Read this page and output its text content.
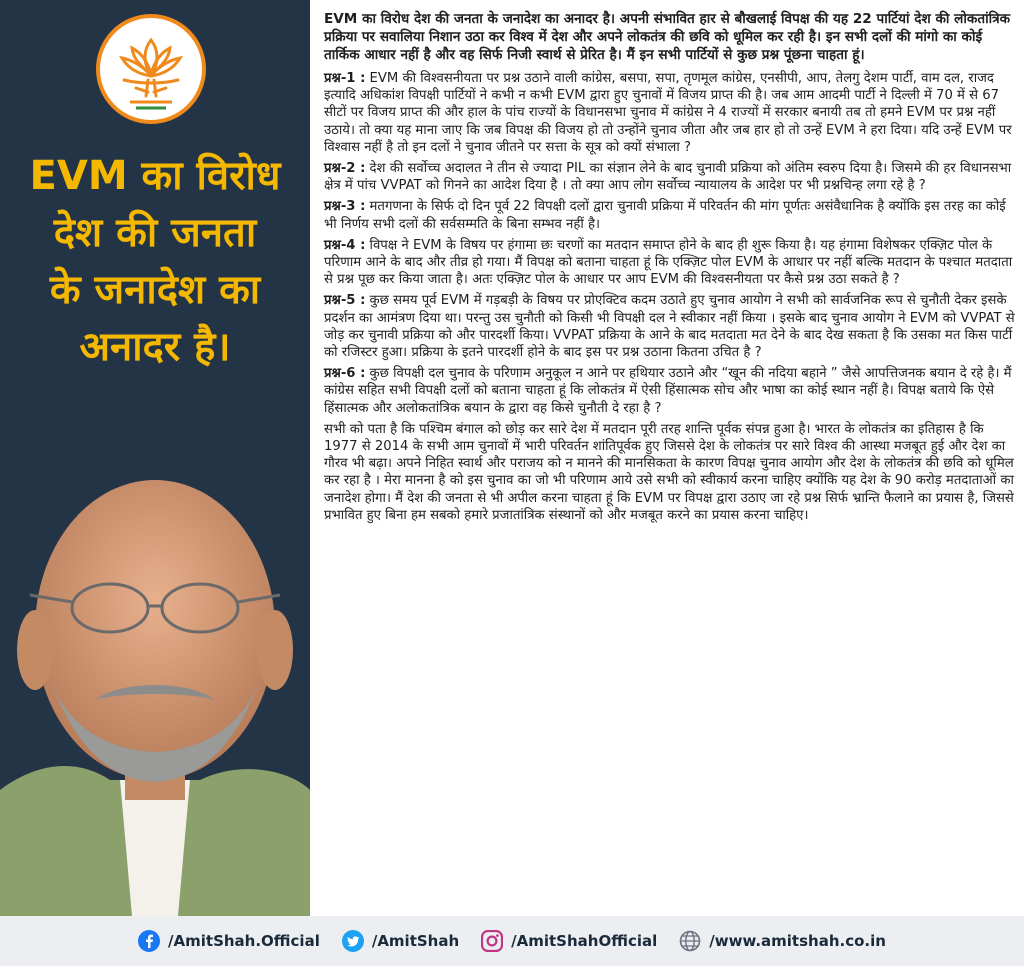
EVM का विरोध
देश की जनता
के जनादेश का
अनादर है।

EVM का विरोध देश की जनता के जनादेश का अनादर है। अपनी संभावित हार से बौखलाई विपक्ष की यह 22 पार्टियां देश की लोकतांत्रिक प्रक्रिया पर सवालिया निशान उठा कर विश्व में देश और अपने लोकतंत्र की छवि को धूमिल कर रही है। इन सभी दलों की मांगो का कोई तार्किक आधार नहीं है और वह सिर्फ निजी स्वार्थ से प्रेरित है। मैं इन सभी पार्टियों से कुछ प्रश्न पूंछना चाहता हूं।

प्रश्न-1 : EVM की विश्वसनीयता पर प्रश्न उठाने वाली कांग्रेस, बसपा, सपा, तृणमूल कांग्रेस, एनसीपी, आप, तेलगु देशम पार्टी, वाम दल, राजद इत्यादि अधिकांश विपक्षी पार्टियों ने कभी न कभी EVM द्वारा हुए चुनावों में विजय प्राप्त की है। जब आम आदमी पार्टी ने दिल्ली में 70 में से 67 सीटों पर विजय प्राप्त की और हाल के पांच राज्यों के विधानसभा चुनाव में कांग्रेस ने 4 राज्यों में सरकार बनायी तब तो हमने EVM पर प्रश्न नहीं उठाये। तो क्या यह माना जाए कि जब विपक्ष की विजय हो तो उन्होंने चुनाव जीता और जब हार हो तो उन्हें EVM ने हरा दिया। यदि उन्हें EVM पर विश्वास नहीं है तो इन दलों ने चुनाव जीतने पर सत्ता के सूत्र को क्यों संभाला ?

प्रश्न-2 : देश की सर्वोच्च अदालत ने तीन से ज्यादा PIL का संज्ञान लेने के बाद चुनावी प्रक्रिया को अंतिम स्वरुप दिया है। जिसमे की हर विधानसभा क्षेत्र में पांच VVPAT को गिनने का आदेश दिया है । तो क्या आप लोग सर्वोच्च न्यायालय के आदेश पर भी प्रश्नचिन्ह लगा रहे है ?

प्रश्न-3 : मतगणना के सिर्फ दो दिन पूर्व 22 विपक्षी दलों द्वारा चुनावी प्रक्रिया में परिवर्तन की मांग पूर्णतः असंवैधानिक है क्योंकि इस तरह का कोई भी निर्णय सभी दलों की सर्वसम्मति के बिना सम्भव नहीं है।

प्रश्न-4 : विपक्ष ने EVM के विषय पर हंगामा छः चरणों का मतदान समाप्त होने के बाद ही शुरू किया है। यह हंगामा विशेषकर एक्ज़िट पोल के परिणाम आने के बाद और तीव्र हो गया। मैं विपक्ष को बताना चाहता हूं कि एक्ज़िट पोल EVM के आधार पर नहीं बल्कि मतदान के पश्चात मतदाता से प्रश्न पूछ कर किया जाता है। अतः एक्ज़िट पोल के आधार पर आप EVM की विश्वसनीयता पर कैसे प्रश्न उठा सकते है ?

प्रश्न-5 : कुछ समय पूर्व EVM में गड़बड़ी के विषय पर प्रोएक्टिव कदम उठाते हुए चुनाव आयोग ने सभी को सार्वजनिक रूप से चुनौती देकर इसके प्रदर्शन का आमंत्रण दिया था। परन्तु उस चुनौती को किसी भी विपक्षी दल ने स्वीकार नहीं किया । इसके बाद चुनाव आयोग ने EVM को VVPAT से जोड़ कर चुनावी प्रक्रिया को और पारदर्शी किया। VVPAT प्रक्रिया के आने के बाद मतदाता मत देने के बाद देख सकता है कि उसका मत किस पार्टी को रजिस्टर हुआ। प्रक्रिया के इतने पारदर्शी होने के बाद इस पर प्रश्न उठाना कितना उचित है ?

प्रश्न-6 : कुछ विपक्षी दल चुनाव के परिणाम अनुकूल न आने पर हथियार उठाने और “खून की नदिया बहाने ” जैसे आपत्तिजनक बयान दे रहे है। मैं कांग्रेस सहित सभी विपक्षी दलों को बताना चाहता हूं कि लोकतंत्र में ऐसी हिंसात्मक सोच और भाषा का कोई स्थान नहीं है। विपक्ष बताये कि ऐसे हिंसात्मक और अलोकतांत्रिक बयान के द्वारा वह किसे चुनौती दे रहा है ?

सभी को पता है कि पश्चिम बंगाल को छोड़ कर सारे देश में मतदान पूरी तरह शान्ति पूर्वक संपन्न हुआ है। भारत के लोकतंत्र का इतिहास है कि 1977 से 2014 के सभी आम चुनावों में भारी परिवर्तन शांतिपूर्वक हुए जिससे देश के लोकतंत्र पर सारे विश्व की आस्था मजबूत हुई और देश का गौरव भी बढ़ा। अपने निहित स्वार्थ और पराजय को न मानने की मानसिकता के कारण विपक्ष चुनाव आयोग और देश के लोकतंत्र की छवि को धूमिल कर रहा है । मेरा मानना है को इस चुनाव का जो भी परिणाम आये उसे सभी को स्वीकार्य करना चाहिए क्योंकि यह देश के 90 करोड़ मतदाताओं का जनादेश होगा। मैं देश की जनता से भी अपील करना चाहता हूं कि EVM पर विपक्ष द्वारा उठाए जा रहे प्रश्न सिर्फ भ्रान्ति फैलाने का प्रयास है, जिससे प्रभावित हुए बिना हम सबको हमारे प्रजातांत्रिक संस्थानों को और मजबूत करने का प्रयास करना चाहिए।

/AmitShah.Official	/AmitShah	/AmitShahOfficial	/www.amitshah.co.in
